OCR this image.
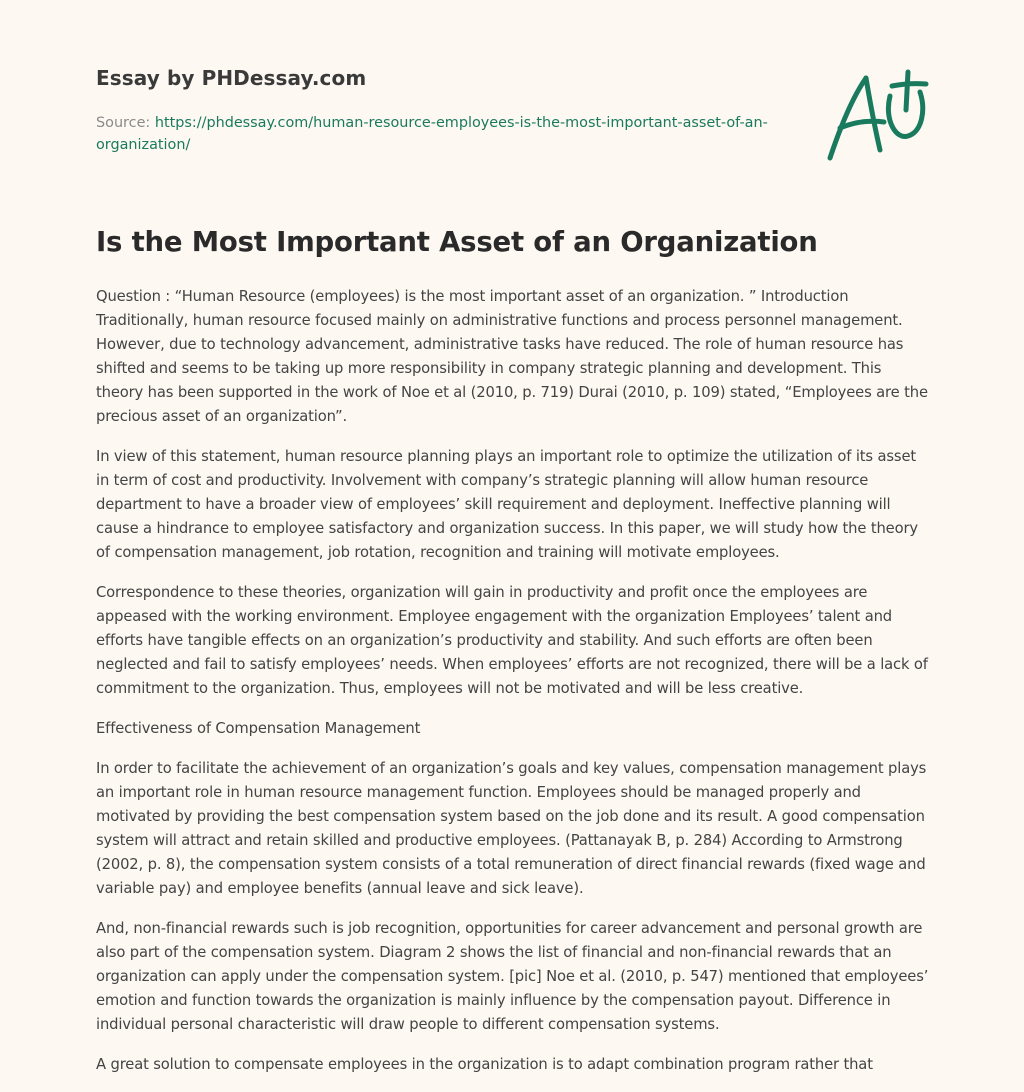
Essay by PHDessay.com
Source: https://phdessay.com/human-resource-employees-is-the-most-important-asset-of-an-organization/
Is the Most Important Asset of an Organization

Question : “Human Resource (employees) is the most important asset of an organization. ” Introduction Traditionally, human resource focused mainly on administrative functions and process personnel management. However, due to technology advancement, administrative tasks have reduced. The role of human resource has shifted and seems to be taking up more responsibility in company strategic planning and development. This theory has been supported in the work of Noe et al (2010, p. 719) Durai (2010, p. 109) stated, “Employees are the precious asset of an organization”.

In view of this statement, human resource planning plays an important role to optimize the utilization of its asset in term of cost and productivity. Involvement with company’s strategic planning will allow human resource department to have a broader view of employees’ skill requirement and deployment. Ineffective planning will cause a hindrance to employee satisfactory and organization success. In this paper, we will study how the theory of compensation management, job rotation, recognition and training will motivate employees.

Correspondence to these theories, organization will gain in productivity and profit once the employees are appeased with the working environment. Employee engagement with the organization Employees’ talent and efforts have tangible effects on an organization’s productivity and stability. And such efforts are often been neglected and fail to satisfy employees’ needs. When employees’ efforts are not recognized, there will be a lack of commitment to the organization. Thus, employees will not be motivated and will be less creative.

Effectiveness of Compensation Management

In order to facilitate the achievement of an organization’s goals and key values, compensation management plays an important role in human resource management function. Employees should be managed properly and motivated by providing the best compensation system based on the job done and its result. A good compensation system will attract and retain skilled and productive employees. (Pattanayak B, p. 284) According to Armstrong (2002, p. 8), the compensation system consists of a total remuneration of direct financial rewards (fixed wage and variable pay) and employee benefits (annual leave and sick leave).

And, non-financial rewards such is job recognition, opportunities for career advancement and personal growth are also part of the compensation system. Diagram 2 shows the list of financial and non-financial rewards that an organization can apply under the compensation system. [pic] Noe et al. (2010, p. 547) mentioned that employees’ emotion and function towards the organization is mainly influence by the compensation payout. Difference in individual personal characteristic will draw people to different compensation systems.

A great solution to compensate employees in the organization is to adapt combination program rather that
